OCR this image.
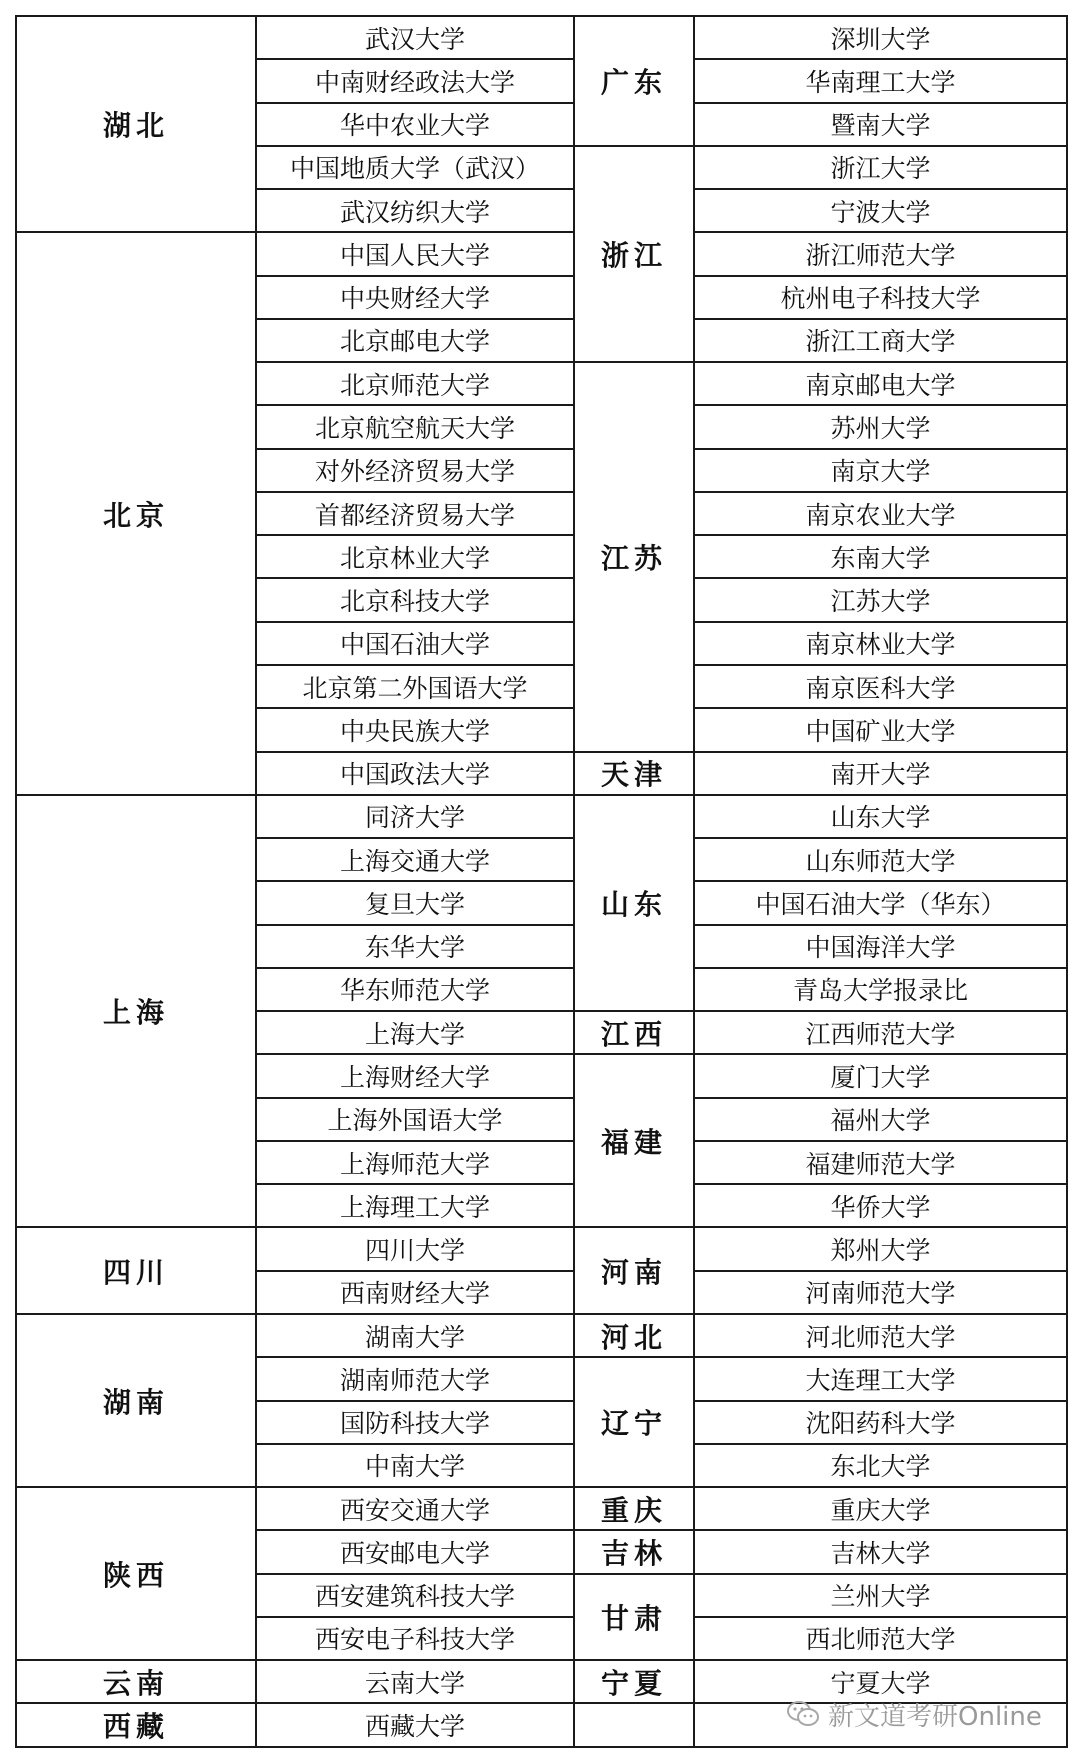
湖北	武汉大学	广东	深圳大学
	中南财经政法大学		华南理工大学
	华中农业大学		暨南大学
	中国地质大学（武汉）	浙江	浙江大学
	武汉纺织大学		宁波大学
北京	中国人民大学		浙江师范大学
	中央财经大学		杭州电子科技大学
	北京邮电大学		浙江工商大学
	北京师范大学	江苏	南京邮电大学
	北京航空航天大学		苏州大学
	对外经济贸易大学		南京大学
	首都经济贸易大学		南京农业大学
	北京林业大学		东南大学
	北京科技大学		江苏大学
	中国石油大学		南京林业大学
	北京第二外国语大学		南京医科大学
	中央民族大学		中国矿业大学
	中国政法大学	天津	南开大学
上海	同济大学	山东	山东大学
	上海交通大学		山东师范大学
	复旦大学		中国石油大学（华东）
	东华大学		中国海洋大学
	华东师范大学		青岛大学报录比
	上海大学	江西	江西师范大学
	上海财经大学	福建	厦门大学
	上海外国语大学		福州大学
	上海师范大学		福建师范大学
	上海理工大学		华侨大学
四川	四川大学	河南	郑州大学
	西南财经大学		河南师范大学
湖南	湖南大学	河北	河北师范大学
	湖南师范大学	辽宁	大连理工大学
	国防科技大学		沈阳药科大学
	中南大学		东北大学
陕西	西安交通大学	重庆	重庆大学
	西安邮电大学	吉林	吉林大学
	西安建筑科技大学	甘肃	兰州大学
	西安电子科技大学		西北师范大学
云南	云南大学	宁夏	宁夏大学
西藏	西藏大学			新文道考研Online
